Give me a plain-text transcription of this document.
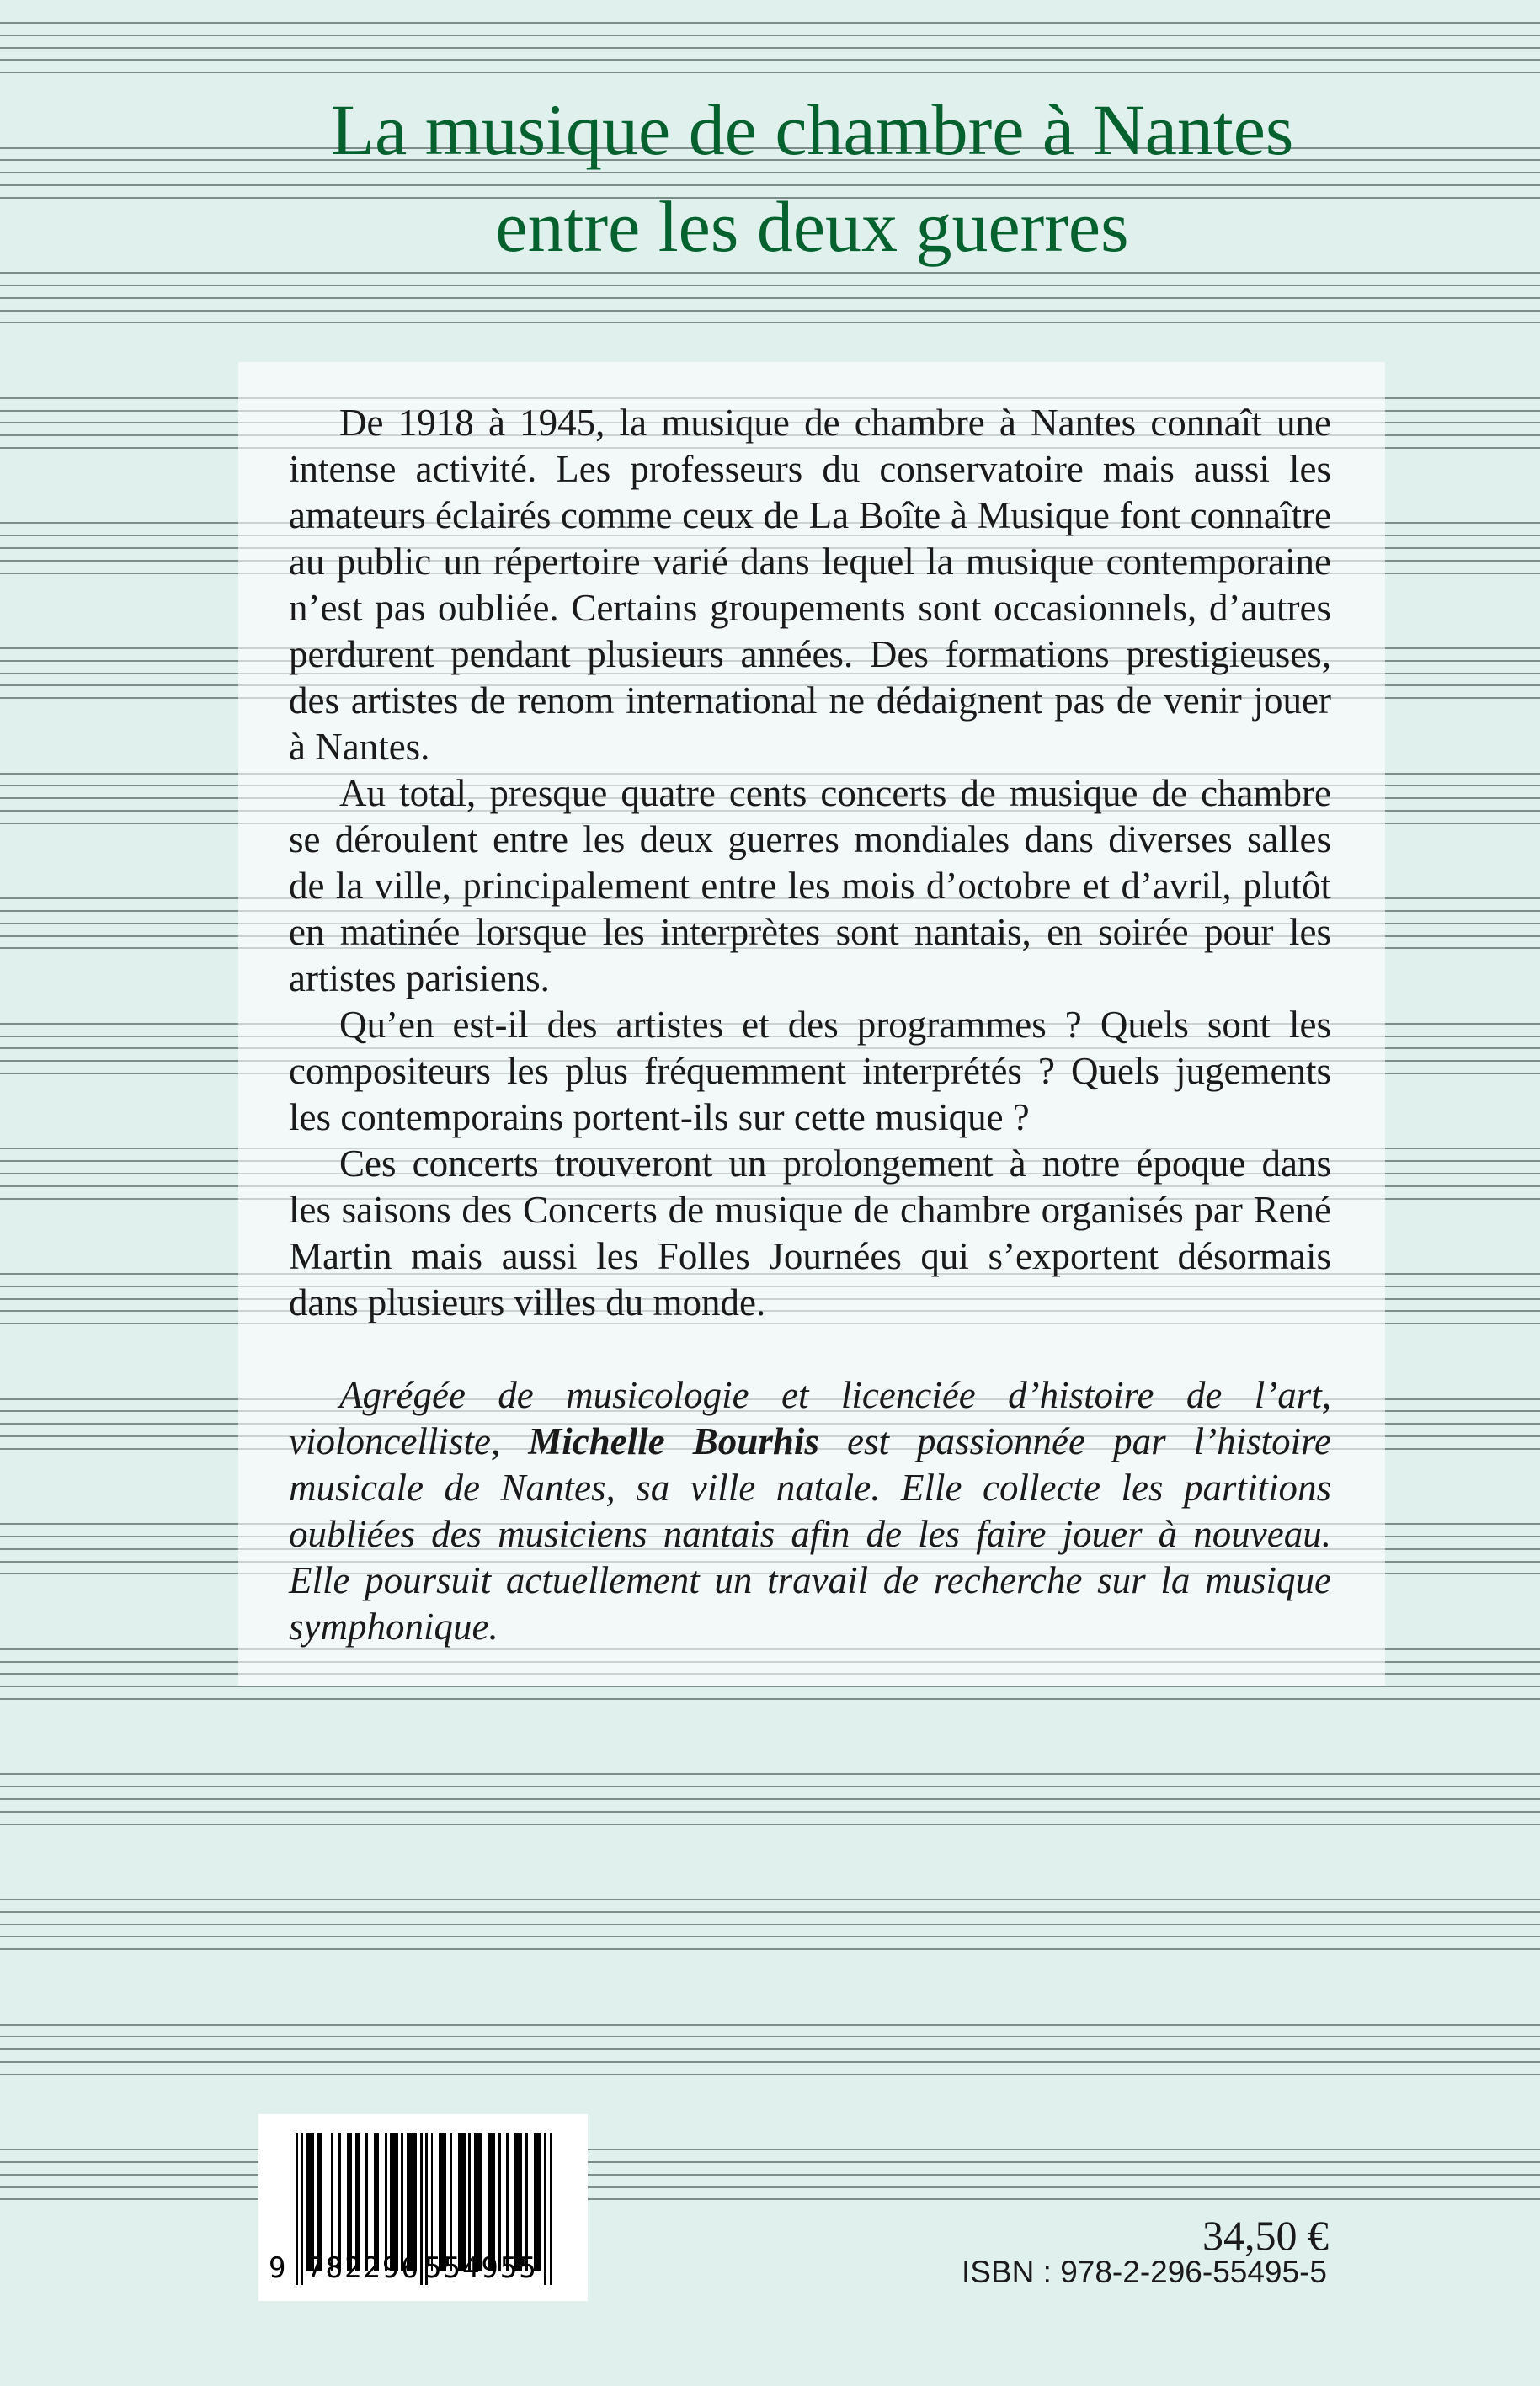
La musique de chambre à Nantes
entre les deux guerres
De 1918 à 1945, la musique de chambre à Nantes connaît une
intense activité. Les professeurs du conservatoire mais aussi les
amateurs éclairés comme ceux de La Boîte à Musique font connaître
au public un répertoire varié dans lequel la musique contemporaine
n’est pas oubliée. Certains groupements sont occasionnels, d’autres
perdurent pendant plusieurs années. Des formations prestigieuses,
des artistes de renom international ne dédaignent pas de venir jouer
à Nantes.
Au total, presque quatre cents concerts de musique de chambre
se déroulent entre les deux guerres mondiales dans diverses salles
de la ville, principalement entre les mois d’octobre et d’avril, plutôt
en matinée lorsque les interprètes sont nantais, en soirée pour les
artistes parisiens.
Qu’en est-il des artistes et des programmes ? Quels sont les
compositeurs les plus fréquemment interprétés ? Quels jugements
les contemporains portent-ils sur cette musique ?
Ces concerts trouveront un prolongement à notre époque dans
les saisons des Concerts de musique de chambre organisés par René
Martin mais aussi les Folles Journées qui s’exportent désormais
dans plusieurs villes du monde.
Agrégée de musicologie et licenciée d’histoire de l’art,
violoncelliste, Michelle Bourhis est passionnée par l’histoire
musicale de Nantes, sa ville natale. Elle collecte les partitions
oubliées des musiciens nantais afin de les faire jouer à nouveau.
Elle poursuit actuellement un travail de recherche sur la musique
symphonique.
9 782296 554955
34,50 €
ISBN : 978-2-296-55495-5
